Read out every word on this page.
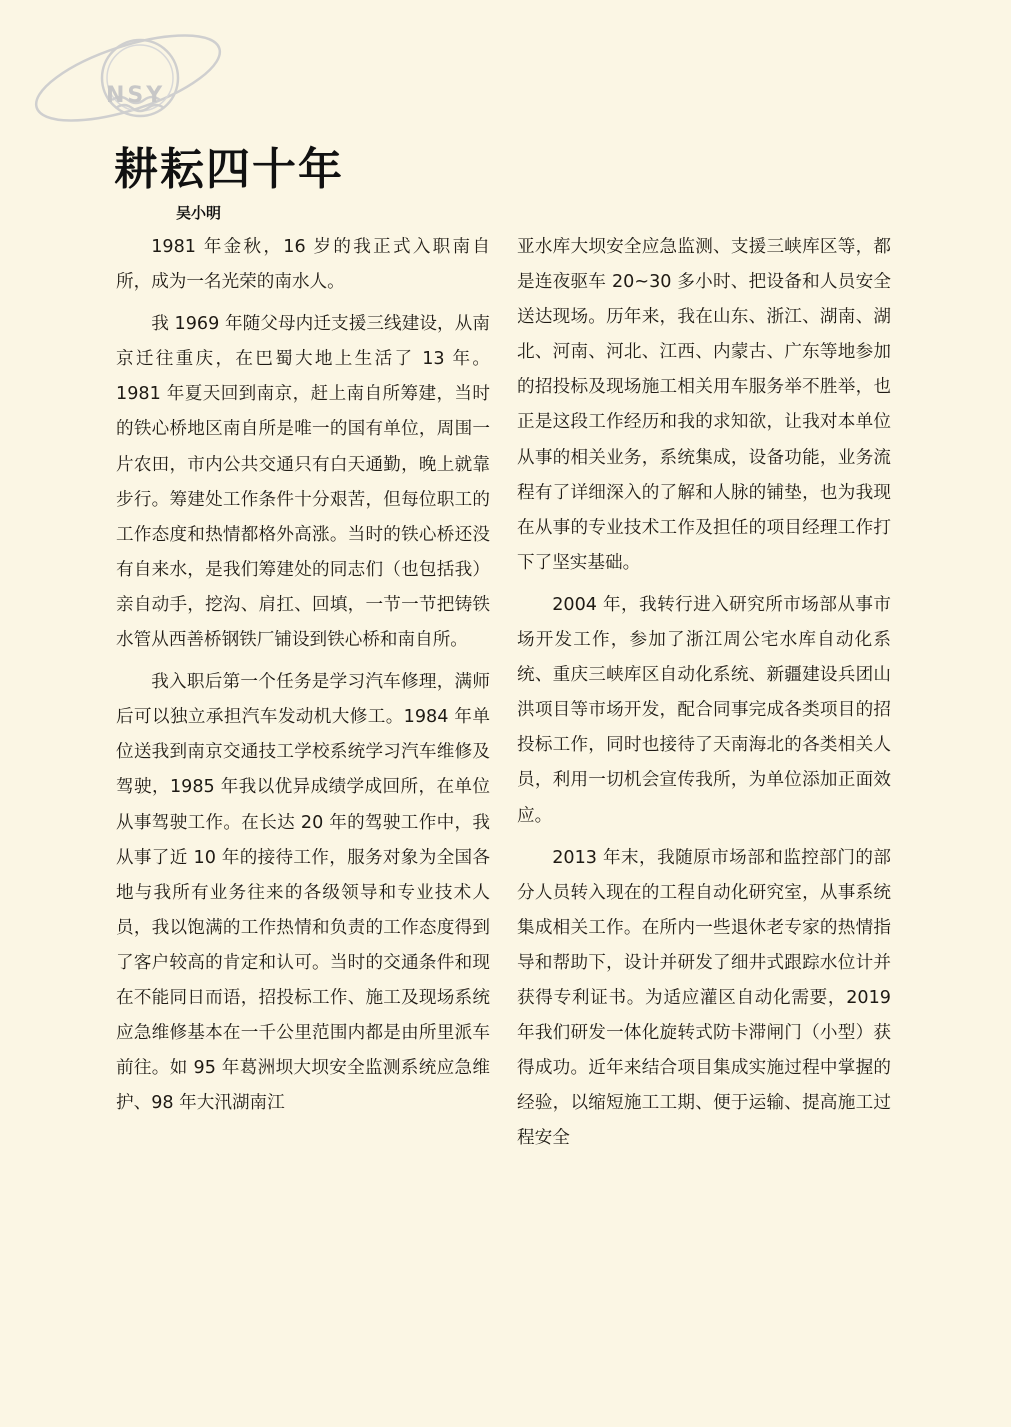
NSY
耕耘四十年
吴小明

1981 年金秋，16 岁的我正式入职南自所，成为一名光荣的南水人。

我 1969 年随父母内迁支援三线建设，从南京迁往重庆，在巴蜀大地上生活了 13 年。1981 年夏天回到南京，赶上南自所筹建，当时的铁心桥地区南自所是唯一的国有单位，周围一片农田，市内公共交通只有白天通勤，晚上就靠步行。筹建处工作条件十分艰苦，但每位职工的工作态度和热情都格外高涨。当时的铁心桥还没有自来水，是我们筹建处的同志们（也包括我）亲自动手，挖沟、肩扛、回填，一节一节把铸铁水管从西善桥钢铁厂铺设到铁心桥和南自所。

我入职后第一个任务是学习汽车修理，满师后可以独立承担汽车发动机大修工。1984 年单位送我到南京交通技工学校系统学习汽车维修及驾驶，1985 年我以优异成绩学成回所，在单位从事驾驶工作。在长达 20 年的驾驶工作中，我从事了近 10 年的接待工作，服务对象为全国各地与我所有业务往来的各级领导和专业技术人员，我以饱满的工作热情和负责的工作态度得到了客户较高的肯定和认可。当时的交通条件和现在不能同日而语，招投标工作、施工及现场系统应急维修基本在一千公里范围内都是由所里派车前往。如 95 年葛洲坝大坝安全监测系统应急维护、98 年大汛湖南江

亚水库大坝安全应急监测、支援三峡库区等，都是连夜驱车 20~30 多小时、把设备和人员安全送达现场。历年来，我在山东、浙江、湖南、湖北、河南、河北、江西、内蒙古、广东等地参加的招投标及现场施工相关用车服务举不胜举，也正是这段工作经历和我的求知欲，让我对本单位从事的相关业务，系统集成，设备功能，业务流程有了详细深入的了解和人脉的铺垫，也为我现在从事的专业技术工作及担任的项目经理工作打下了坚实基础。

2004 年，我转行进入研究所市场部从事市场开发工作，参加了浙江周公宅水库自动化系统、重庆三峡库区自动化系统、新疆建设兵团山洪项目等市场开发，配合同事完成各类项目的招投标工作，同时也接待了天南海北的各类相关人员，利用一切机会宣传我所，为单位添加正面效应。

2013 年末，我随原市场部和监控部门的部分人员转入现在的工程自动化研究室，从事系统集成相关工作。在所内一些退休老专家的热情指导和帮助下，设计并研发了细井式跟踪水位计并获得专利证书。为适应灌区自动化需要，2019 年我们研发一体化旋转式防卡滞闸门（小型）获得成功。近年来结合项目集成实施过程中掌握的经验，以缩短施工工期、便于运输、提高施工过程安全
